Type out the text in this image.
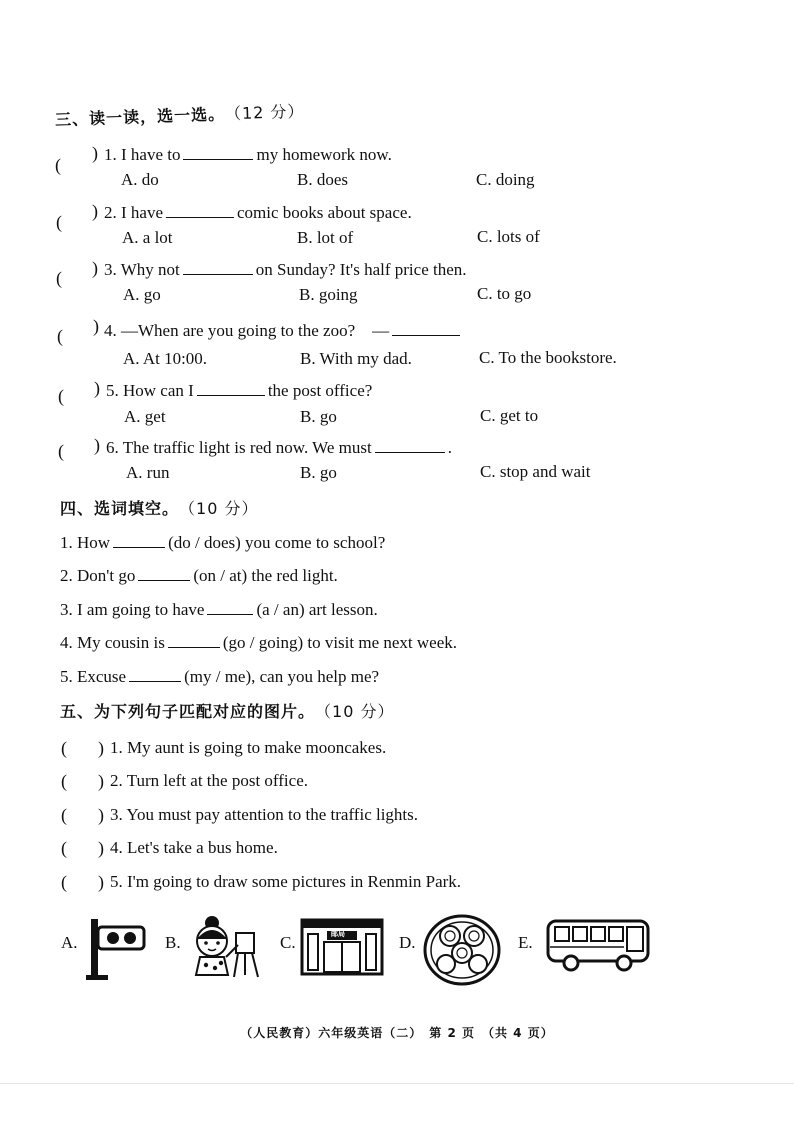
三、读一读，选一选。 （12 分）
(
) 1. I have to	my homework now.
A. do	B. does	C. doing
(
) 2. I have	comic books about space.
A. a lot	B. lot of	C. lots of
( ) 3. Why not	on Sunday? It's half price then.
A. go	B. going	C. to go
( ) 4. —When are you going to the zoo?　—
A. At 10:00.	B. With my dad.	C. To the bookstore.
( ) 5. How can I	the post office?
A. get	B. go	C. get to
( ) 6. The traffic light is red now. We must	.
A. run	B. go	C. stop and wait
四、选词填空。 （10 分）
1. How	(do / does) you come to school?
2. Don't go	(on / at) the red light.
3. I am going to have	(a / an) art lesson.
4. My cousin is	(go / going) to visit me next week.
5. Excuse	(my / me), can you help me?
五、为下列句子匹配对应的图片。 （10 分）
( ) 1. My aunt is going to make mooncakes.
( ) 2. Turn left at the post office.
( ) 3. You must pay attention to the traffic lights.
( ) 4. Let's take a bus home.
( ) 5. I'm going to draw some pictures in Renmin Park.
A.	B.	C.	邮局	D.	E.
（人民教育）六年级英语（二）　第 2 页　（共 4 页）
